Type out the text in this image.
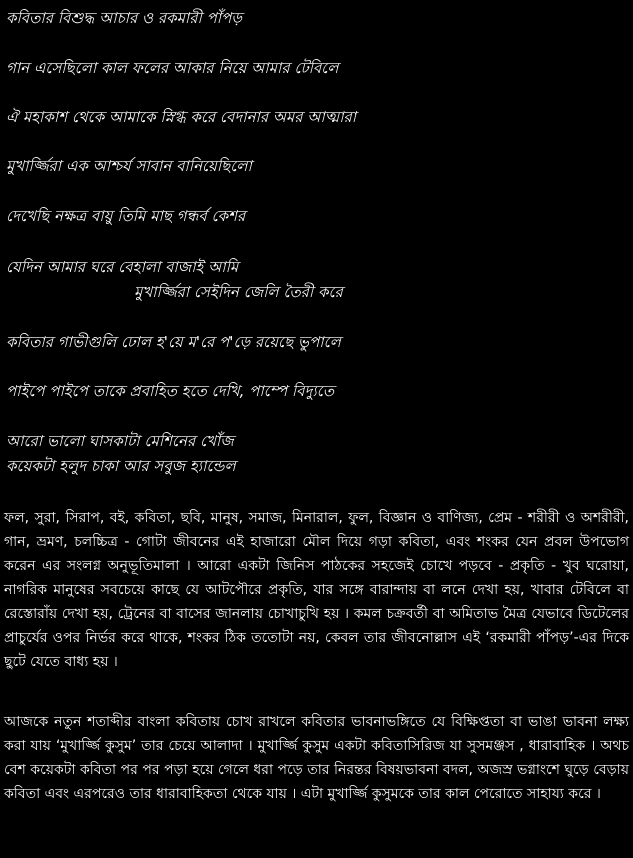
কবিতার বিশুদ্ধ আচার ও রকমারী পাঁপড়
গান এসেছিলো কাল ফলের আকার নিয়ে আমার টেবিলে
ঐ মহাকাশ থেকে আমাকে স্নিগ্ধ করে বেদানার অমর আত্মারা
মুখার্জ্জিরা এক আশ্চর্য সাবান বানিয়েছিলো
দেখেছি নক্ষত্র বায়ু তিমি মাছ গন্ধর্ব কেশর
যেদিন আমার ঘরে বেহালা বাজাই আমি
মুখার্জ্জিরা সেইদিন জেলি তৈরী করে
কবিতার গাভীগুলি ঢোল হ'য়ে ম'রে প'ড়ে রয়েছে ভুপালে
পাইপে পাইপে তাকে প্রবাহিত হতে দেখি, পাম্পে বিদ্যুতে
আরো ভালো ঘাসকাটা মেশিনের খোঁজ
কয়েকটা হলুদ চাকা আর সবুজ হ্যান্ডেল

ফল, সুরা, সিরাপ, বই, কবিতা, ছবি, মানুষ, সমাজ, মিনারাল, ফুল, বিজ্ঞান ও বাণিজ্য, প্রেম - শরীরী ও অশরীরী, গান, ভ্রমণ, চলচ্চিত্র - গোটা জীবনের এই হাজারো মৌল দিয়ে গড়া কবিতা, এবং শংকর যেন প্রবল উপভোগ করেন এর সংলগ্ন অনুভূতিমালা । আরো একটা জিনিস পাঠকের সহজেই চোখে পড়বে - প্রকৃতি - খুব ঘরোয়া, নাগরিক মানুষের সবচেয়ে কাছে যে আটপৌরে প্রকৃতি, যার সঙ্গে বারান্দায় বা লনে দেখা হয়, খাবার টেবিলে বা রেস্তোরাঁয় দেখা হয়, ট্রেনের বা বাসের জানলায় চোখাচুখি হয় । কমল চক্রবর্তী বা অমিতাভ মৈত্র যেভাবে ডিটেলের প্রাচুর্যের ওপর নির্ভর করে থাকে, শংকর ঠিক ততোটা নয়, কেবল তার জীবনোল্লাস এই ‘রকমারী পাঁপড়’-এর দিকে ছুটে যেতে বাধ্য হয় ।

আজকে নতুন শতাব্দীর বাংলা কবিতায় চোখ রাখলে কবিতার ভাবনাভঙ্গিতে যে বিক্ষিপ্ততা বা ভাঙা ভাবনা লক্ষ্য করা যায় ‘মুখার্জ্জি কুসুম’ তার চেয়ে আলাদা । মুখার্জ্জি কুসুম একটা কবিতাসিরিজ যা সুসমঞ্জস , ধারাবাহিক । অথচ বেশ কয়েকটা কবিতা পর পর পড়া হয়ে গেলে ধরা পড়ে তার নিরন্তর বিষয়ভাবনা বদল, অজস্র ভগ্নাংশে ঘুড়ে বেড়ায় কবিতা এবং এরপরেও তার ধারাবাহিকতা থেকে যায় । এটা মুখার্জ্জি কুসুমকে তার কাল পেরোতে সাহায্য করে ।
